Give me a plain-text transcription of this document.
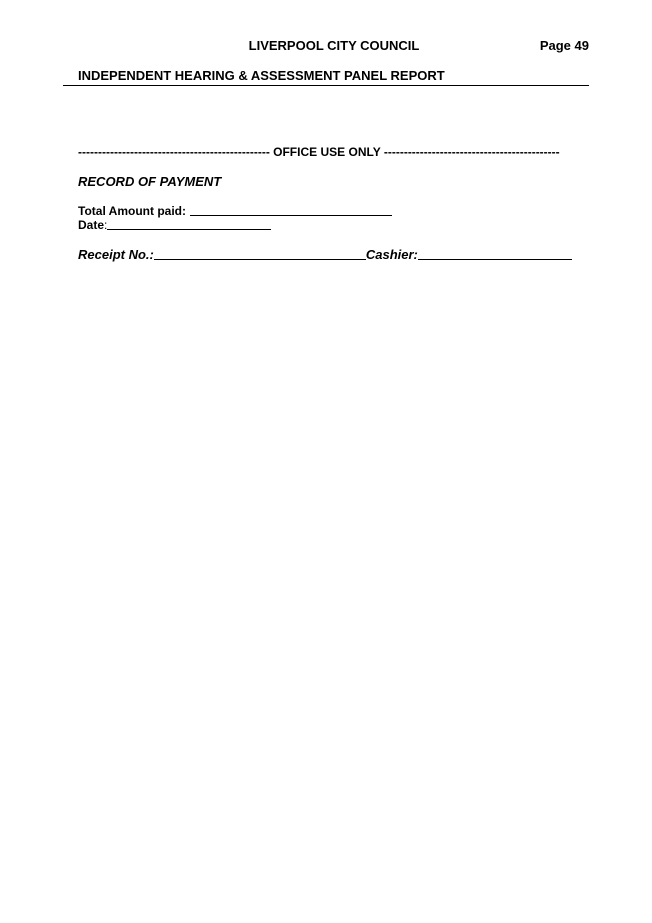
LIVERPOOL CITY COUNCIL	Page 49
INDEPENDENT HEARING & ASSESSMENT PANEL REPORT
------------------------------------------------ OFFICE USE ONLY --------------------------------------------
RECORD OF PAYMENT
Total Amount paid:
Date :
Receipt No.:	Cashier:
